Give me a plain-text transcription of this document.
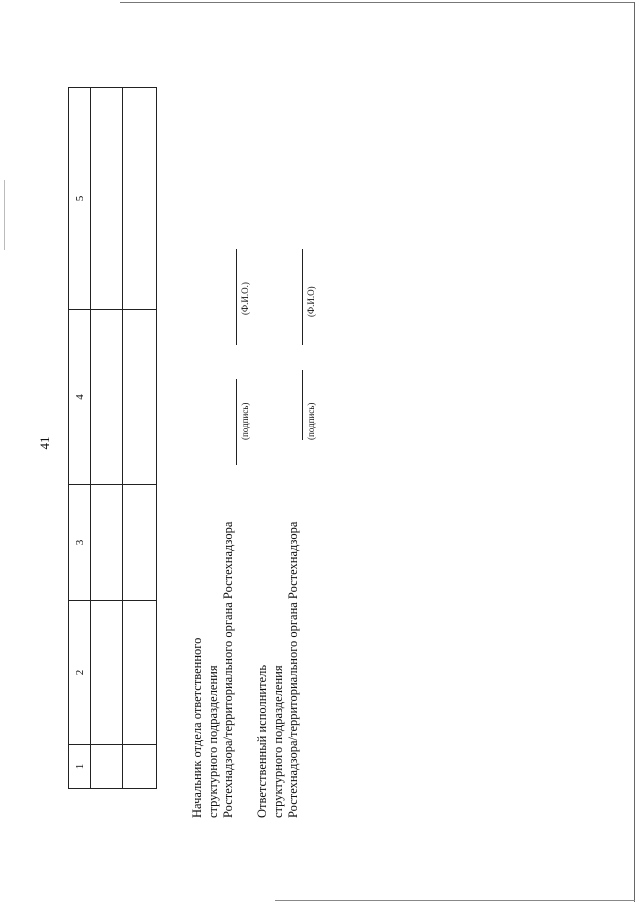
41
1	2	3	4	5

Начальник отдела ответственного структурного подразделения Ростехнадзора/территориального органа Ростехнадзора
(подпись)
(Ф.И.О.)
Ответственный исполнитель структурного подразделения Ростехнадзора/территориального органа Ростехнадзора
(подпись)
(Ф.И.О)
